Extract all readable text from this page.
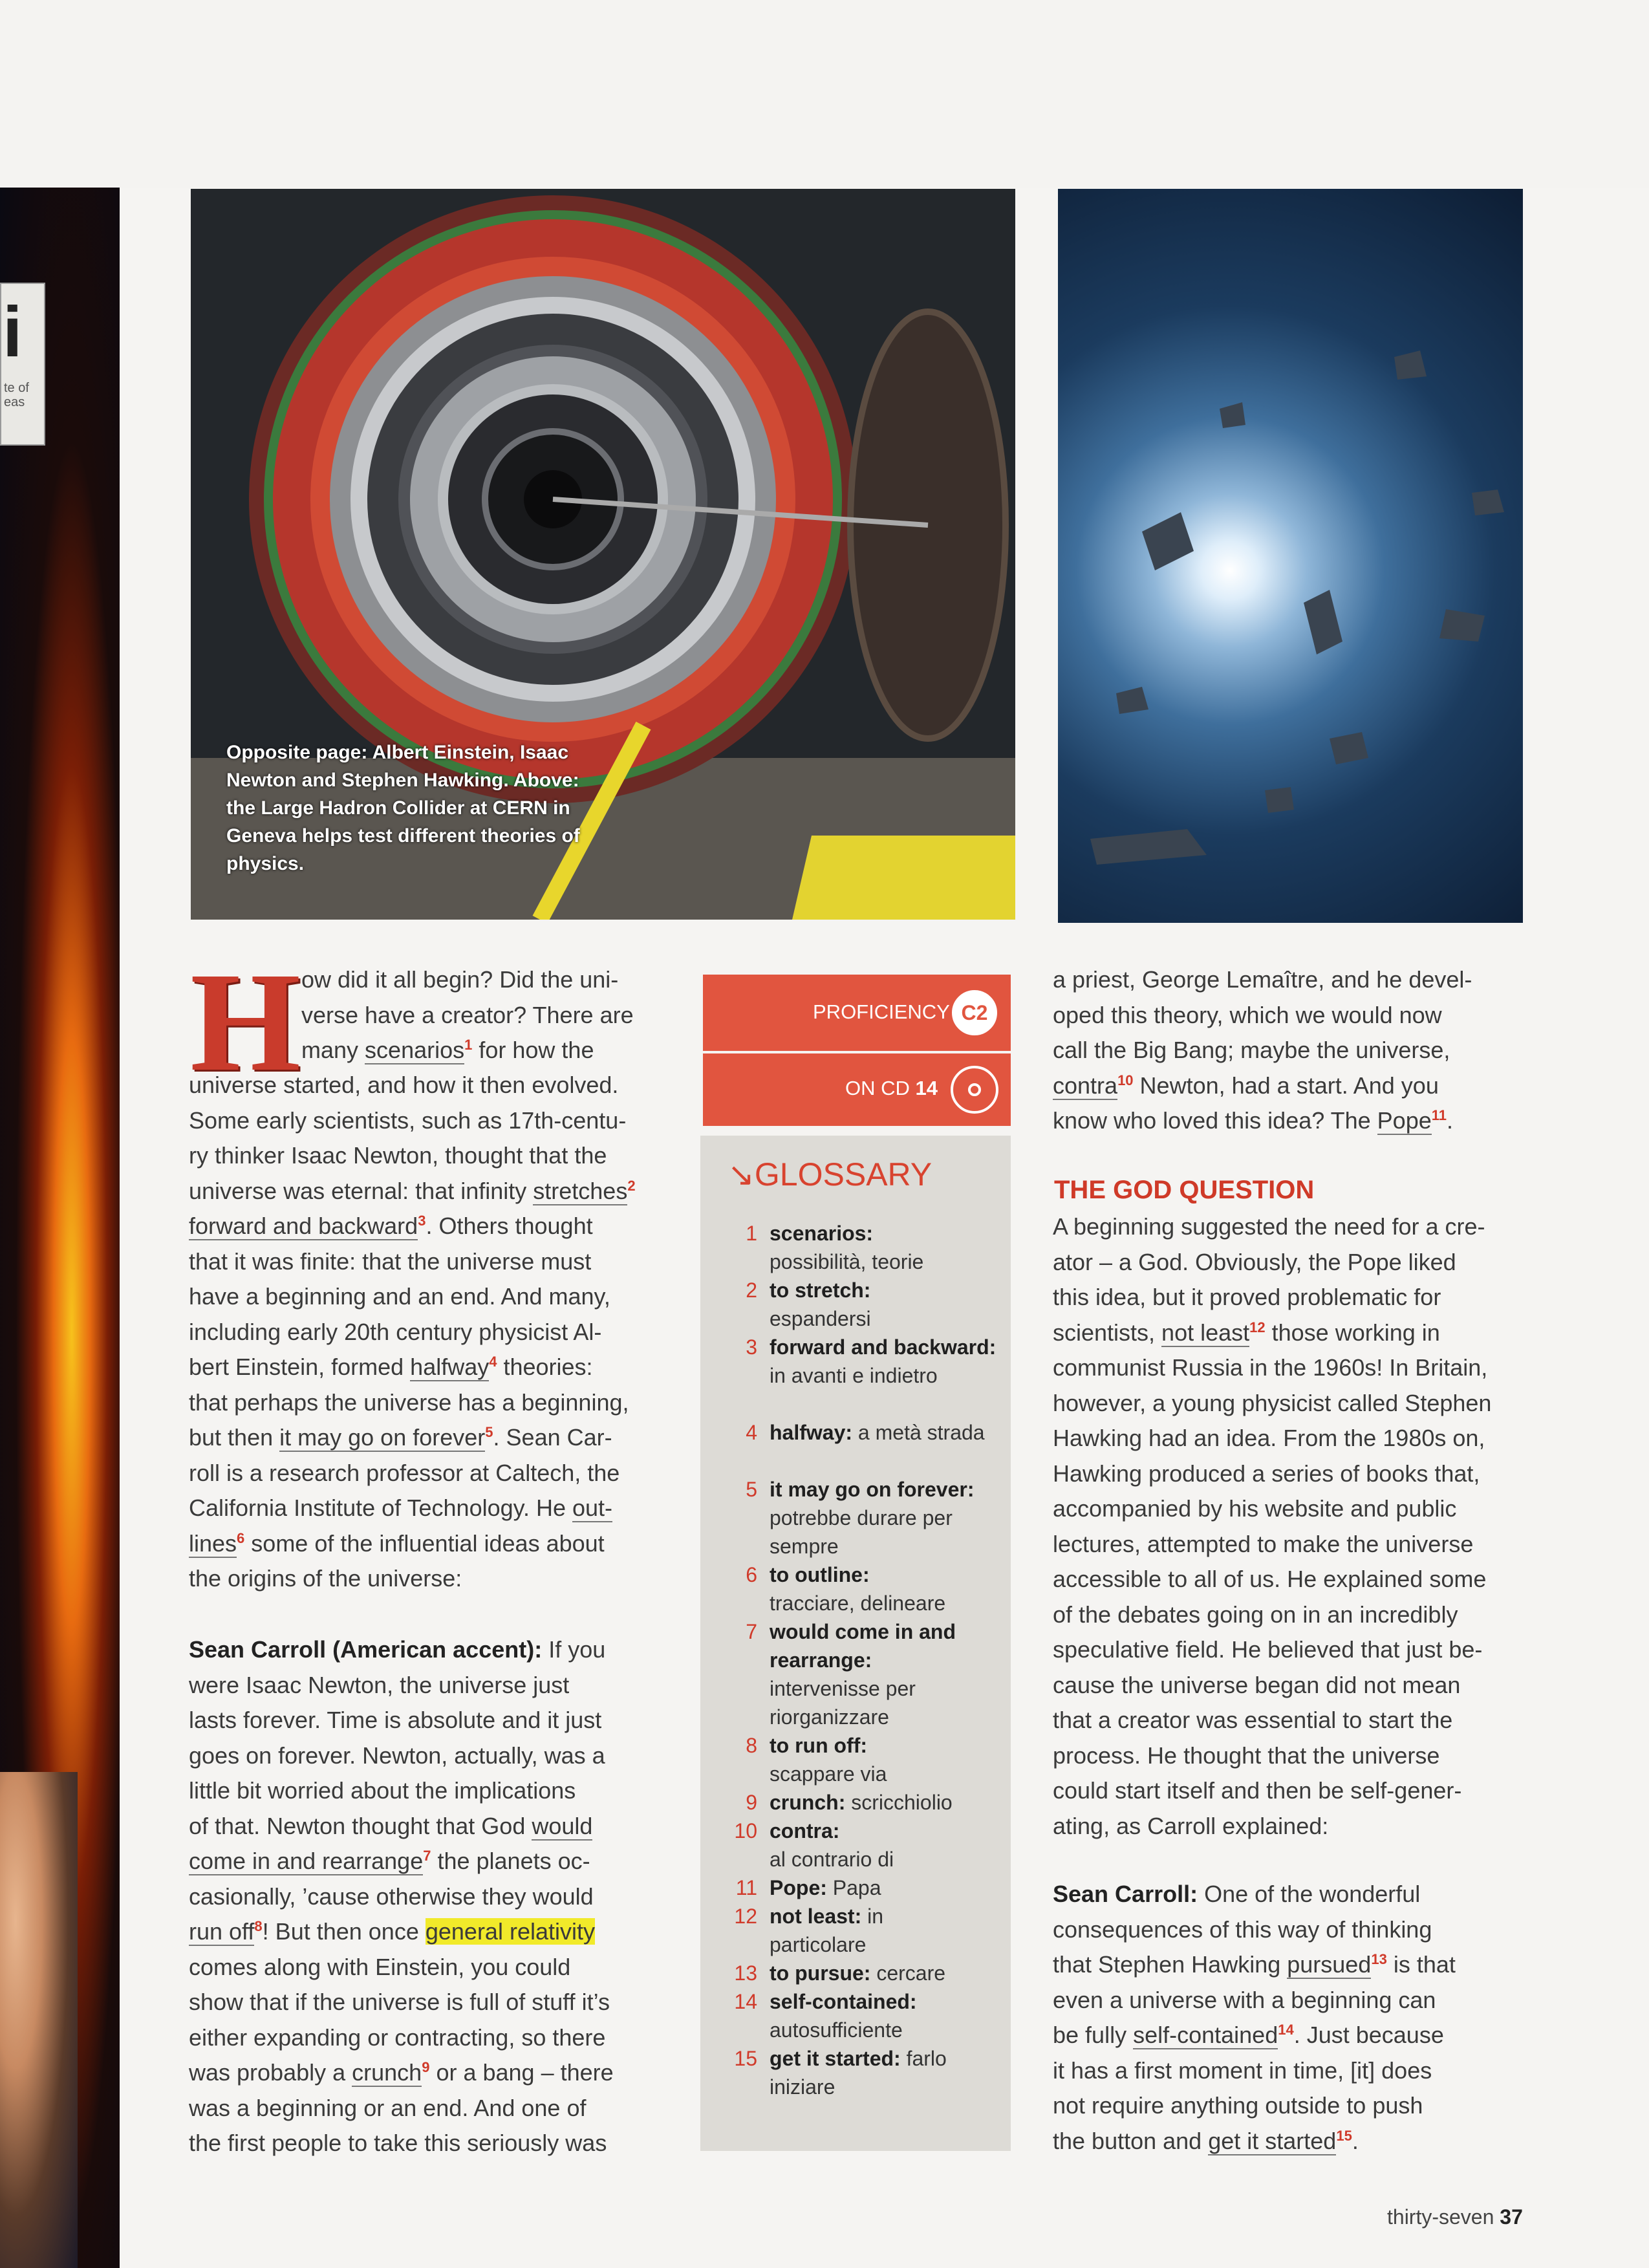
i
te of
eas
Opposite page: Albert Einstein, Isaac Newton and Stephen Hawking. Above: the Large Hadron Collider at CERN in Geneva helps test different theories of physics.
H ow did it all begin? Did the uni-

verse have a creator? There are

many scenarios$^1$ for how the

universe started, and how it then evolved.

Some early scientists, such as 17th-centu-

ry thinker Isaac Newton, thought that the

universe was eternal: that infinity stretches$^2$

forward and backward$^3$. Others thought

that it was finite: that the universe must

have a beginning and an end. And many,

including early 20th century physicist Al-

bert Einstein, formed halfway$^4$ theories:

that perhaps the universe has a beginning,

but then it may go on forever$^5$. Sean Car-

roll is a research professor at Caltech, the

California Institute of Technology. He out-

lines$^6$ some of the influential ideas about

the origins of the universe:

Sean Carroll (American accent): If you

were Isaac Newton, the universe just

lasts forever. Time is absolute and it just

goes on forever. Newton, actually, was a

little bit worried about the implications

of that. Newton thought that God would

come in and rearrange$^7$ the planets oc-

casionally, ’cause otherwise they would

run off$^8$! But then once general relativity

comes along with Einstein, you could

show that if the universe is full of stuff it’s

either expanding or contracting, so there

was probably a crunch$^9$ or a bang – there

was a beginning or an end. And one of

the first people to take this seriously was

PROFICIENCY C2
ON CD 14
↘GLOSSARY
1 scenarios:
possibilità, teorie
2 to stretch:
espandersi
3 forward and backward: in avanti e indietro
4 halfway: a metà strada
5 it may go on forever: potrebbe durare per sempre
6 to outline:
tracciare, delineare
7 would come in and rearrange: intervenisse per riorganizzare
8 to run off:
scappare via
9 crunch: scricchiolio
10 contra:
al contrario di
11 Pope: Papa
12 not least: in particolare
13 to pursue: cercare
14 self-contained:
autosufficiente
15 get it started: farlo iniziare

a priest, George Lemaître, and he devel-

oped this theory, which we would now

call the Big Bang; maybe the universe,

contra$^{10}$ Newton, had a start. And you

know who loved this idea? The Pope$^{11}$.

THE GOD QUESTION

A beginning suggested the need for a cre-

ator – a God. Obviously, the Pope liked

this idea, but it proved problematic for

scientists, not least$^{12}$ those working in

communist Russia in the 1960s! In Britain,

however, a young physicist called Stephen

Hawking had an idea. From the 1980s on,

Hawking produced a series of books that,

accompanied by his website and public

lectures, attempted to make the universe

accessible to all of us. He explained some

of the debates going on in an incredibly

speculative field. He believed that just be-

cause the universe began did not mean

that a creator was essential to start the

process. He thought that the universe

could start itself and then be self-gener-

ating, as Carroll explained:

Sean Carroll: One of the wonderful

consequences of this way of thinking

that Stephen Hawking pursued$^{13}$ is that

even a universe with a beginning can

be fully self-contained$^{14}$. Just because

it has a first moment in time, [it] does

not require anything outside to push

the button and get it started$^{15}$.

thirty-seven 37
